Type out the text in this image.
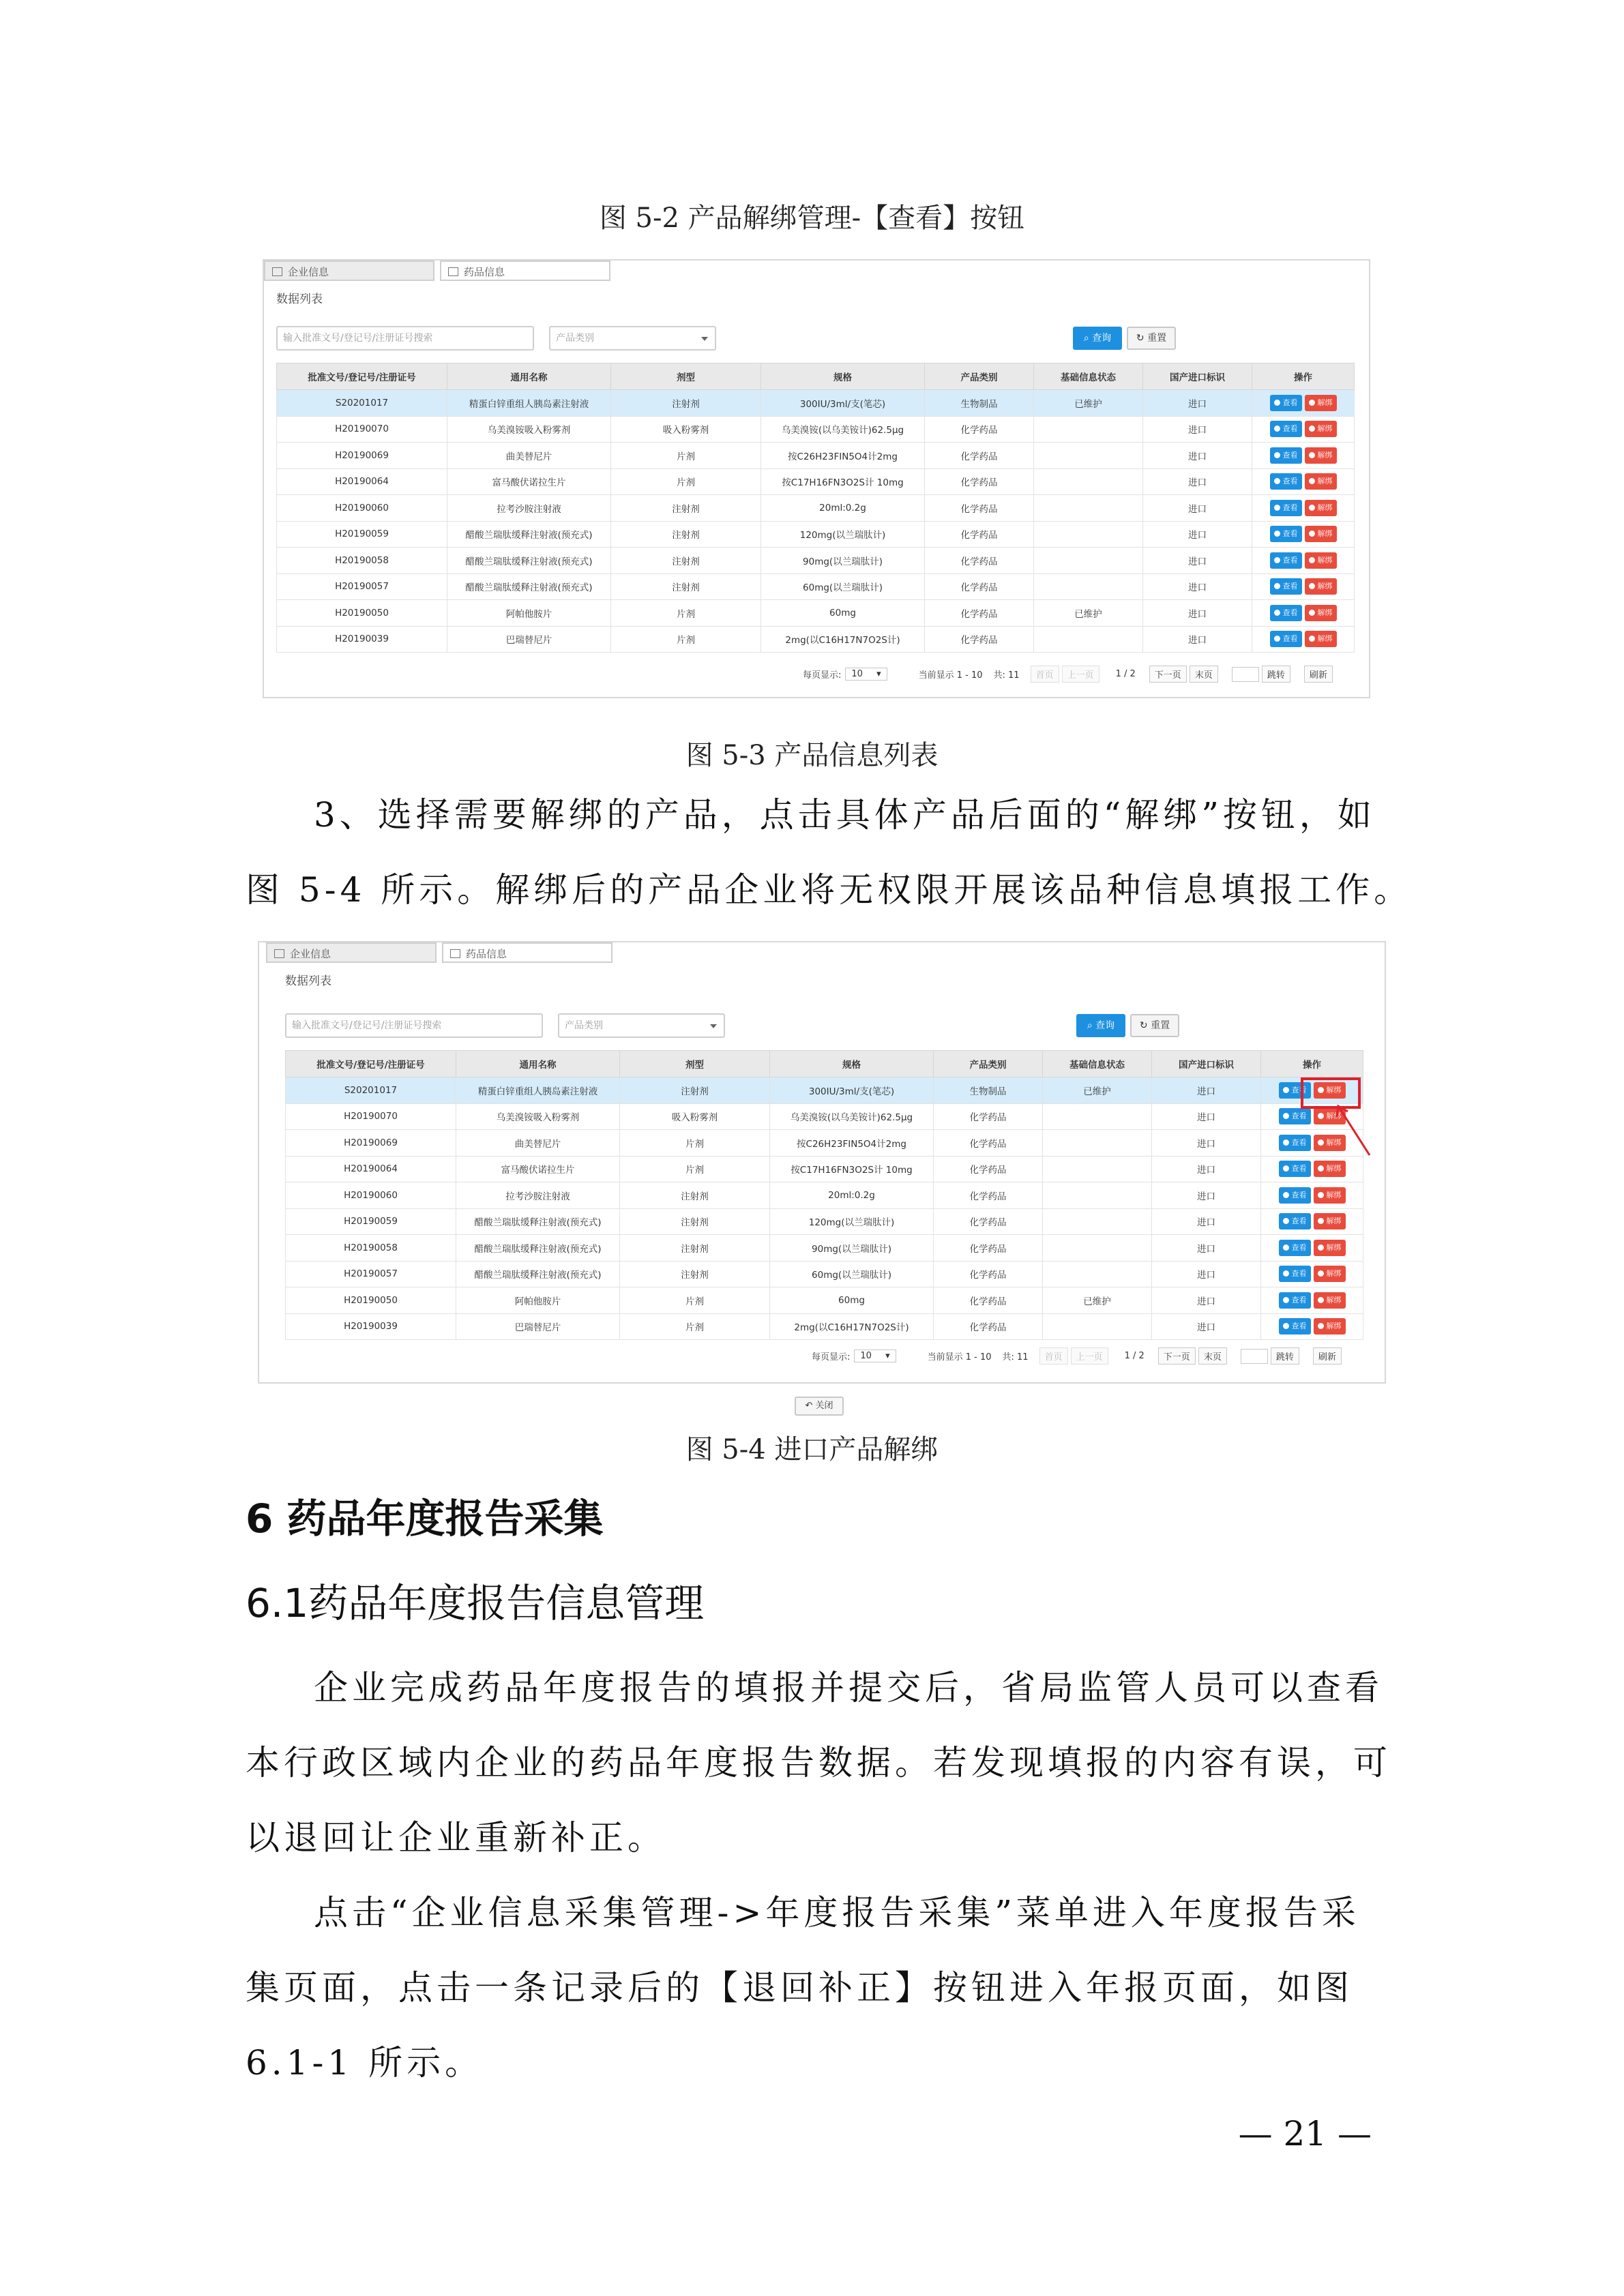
图 5-2 产品解绑管理-【查看】按钮
企业信息	药品信息
数据列表
输入批准文号/登记号/注册证号搜索	产品类别	⌕ 查询	↻ 重置
批准文号/登记号/注册证号	通用名称	剂型	规格	产品类别	基础信息状态	国产进口标识	操作
S20201017	精蛋白锌重组人胰岛素注射液	注射剂	300IU/3ml/支(笔芯)	生物制品	已维护	进口	查看 解绑
H20190070	乌美溴铵吸入粉雾剂	吸入粉雾剂	乌美溴铵(以乌美铵计)62.5μg	化学药品		进口	查看 解绑
H20190069	曲美替尼片	片剂	按C26H23FIN5O4计2mg	化学药品		进口	查看 解绑
H20190064	富马酸伏诺拉生片	片剂	按C17H16FN3O2S计 10mg	化学药品		进口	查看 解绑
H20190060	拉考沙胺注射液	注射剂	20ml:0.2g	化学药品		进口	查看 解绑
H20190059	醋酸兰瑞肽缓释注射液(预充式)	注射剂	120mg(以兰瑞肽计)	化学药品		进口	查看 解绑
H20190058	醋酸兰瑞肽缓释注射液(预充式)	注射剂	90mg(以兰瑞肽计)	化学药品		进口	查看 解绑
H20190057	醋酸兰瑞肽缓释注射液(预充式)	注射剂	60mg(以兰瑞肽计)	化学药品		进口	查看 解绑
H20190050	阿帕他胺片	片剂	60mg	化学药品	已维护	进口	查看 解绑
H20190039	巴瑞替尼片	片剂	2mg(以C16H17N7O2S计)	化学药品		进口	查看 解绑
每页显示:	10 ▾	当前显示 1 - 10 共: 11	首页	上一页	1 / 2	下一页	末页	跳转	刷新
图 5-3 产品信息列表
3、选择需要解绑的产品，点击具体产品后面的“解绑”按钮，如
图 5-4 所示。解绑后的产品企业将无权限开展该品种信息填报工作。
企业信息	药品信息
数据列表
输入批准文号/登记号/注册证号搜索	产品类别	⌕ 查询	↻ 重置
批准文号/登记号/注册证号	通用名称	剂型	规格	产品类别	基础信息状态	国产进口标识	操作
S20201017	精蛋白锌重组人胰岛素注射液	注射剂	300IU/3ml/支(笔芯)	生物制品	已维护	进口	查看 解绑
H20190070	乌美溴铵吸入粉雾剂	吸入粉雾剂	乌美溴铵(以乌美铵计)62.5μg	化学药品		进口	查看 解绑
H20190069	曲美替尼片	片剂	按C26H23FIN5O4计2mg	化学药品		进口	查看 解绑
H20190064	富马酸伏诺拉生片	片剂	按C17H16FN3O2S计 10mg	化学药品		进口	查看 解绑
H20190060	拉考沙胺注射液	注射剂	20ml:0.2g	化学药品		进口	查看 解绑
H20190059	醋酸兰瑞肽缓释注射液(预充式)	注射剂	120mg(以兰瑞肽计)	化学药品		进口	查看 解绑
H20190058	醋酸兰瑞肽缓释注射液(预充式)	注射剂	90mg(以兰瑞肽计)	化学药品		进口	查看 解绑
H20190057	醋酸兰瑞肽缓释注射液(预充式)	注射剂	60mg(以兰瑞肽计)	化学药品		进口	查看 解绑
H20190050	阿帕他胺片	片剂	60mg	化学药品	已维护	进口	查看 解绑
H20190039	巴瑞替尼片	片剂	2mg(以C16H17N7O2S计)	化学药品		进口	查看 解绑
每页显示:	10 ▾	当前显示 1 - 10 共: 11	首页	上一页	1 / 2	下一页	末页	跳转	刷新
↶ 关闭
图 5-4 进口产品解绑
6 药品年度报告采集
6.1药品年度报告信息管理
企业完成药品年度报告的填报并提交后，省局监管人员可以查看
本行政区域内企业的药品年度报告数据。若发现填报的内容有误，可
以退回让企业重新补正。
点击“企业信息采集管理->年度报告采集”菜单进入年度报告采
集页面，点击一条记录后的【退回补正】按钮进入年报页面，如图
6.1-1 所示。
— 21 —
